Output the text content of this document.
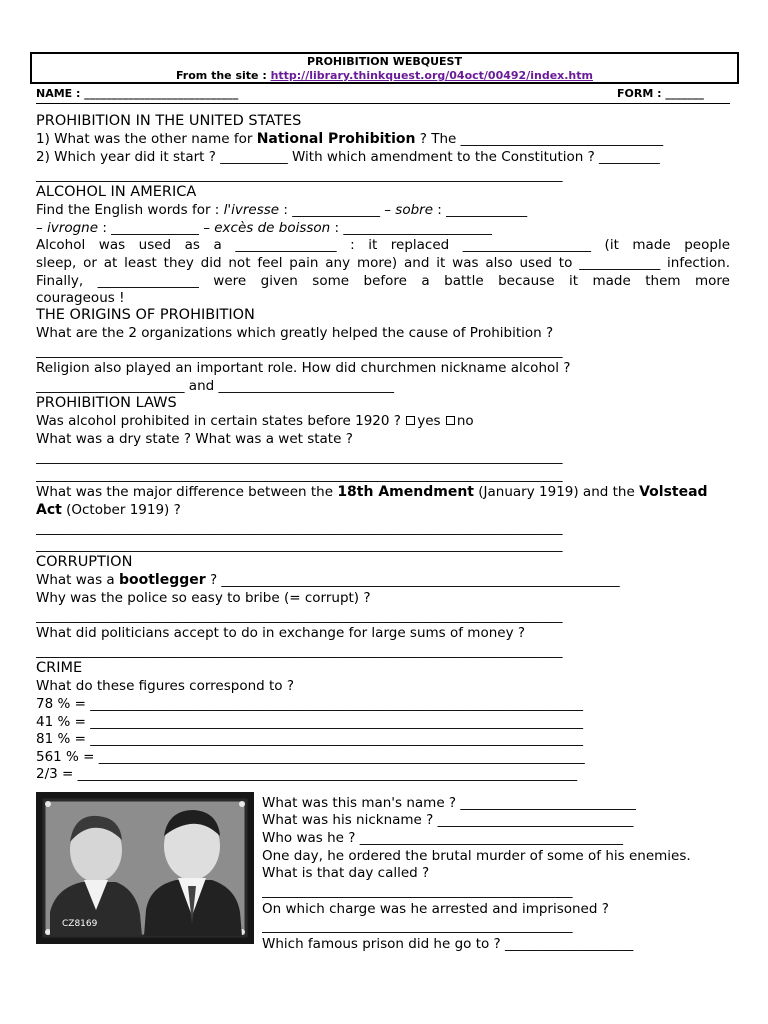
PROHIBITION WEBQUEST
From the site : http://library.thinkquest.org/04oct/00492/index.htm
NAME : ____________________________	FORM : _______
PROHIBITION IN THE UNITED STATES
1) What was the other name for National Prohibition ? The ______________________________
2) Which year did it start ? __________ With which amendment to the Constitution ? _________
______________________________________________________________________________
ALCOHOL IN AMERICA
Find the English words for : l'ivresse : _____________ – sobre : ____________
– ivrogne : _____________ – excès de boisson : ______________________
Alcohol was used as a _______________ : it replaced ___________________ (it made people
sleep, or at least they did not feel pain any more) and it was also used to ____________ infection.
Finally, _______________ were given some before a battle because it made them more
courageous !
THE ORIGINS OF PROHIBITION
What are the 2 organizations which greatly helped the cause of Prohibition ?
______________________________________________________________________________
Religion also played an important role. How did churchmen nickname alcohol ?
______________________ and __________________________
PROHIBITION LAWS
Was alcohol prohibited in certain states before 1920 ? yes no
What was a dry state ? What was a wet state ?
______________________________________________________________________________
______________________________________________________________________________
What was the major difference between the 18th Amendment (January 1919) and the Volstead
Act (October 1919) ?
______________________________________________________________________________
______________________________________________________________________________
CORRUPTION
What was a bootlegger ? ___________________________________________________________
Why was the police so easy to bribe (= corrupt) ?
______________________________________________________________________________
What did politicians accept to do in exchange for large sums of money ?
______________________________________________________________________________
CRIME
What do these figures correspond to ?
78 % = _________________________________________________________________________
41 % = _________________________________________________________________________
81 % = _________________________________________________________________________
561 % = ________________________________________________________________________
2/3 = __________________________________________________________________________
CZ8169
What was this man's name ? __________________________
What was his nickname ? _____________________________
Who was he ? _______________________________________
One day, he ordered the brutal murder of some of his enemies.
What is that day called ?
______________________________________________
On which charge was he arrested and imprisoned ?
______________________________________________
Which famous prison did he go to ? ___________________
